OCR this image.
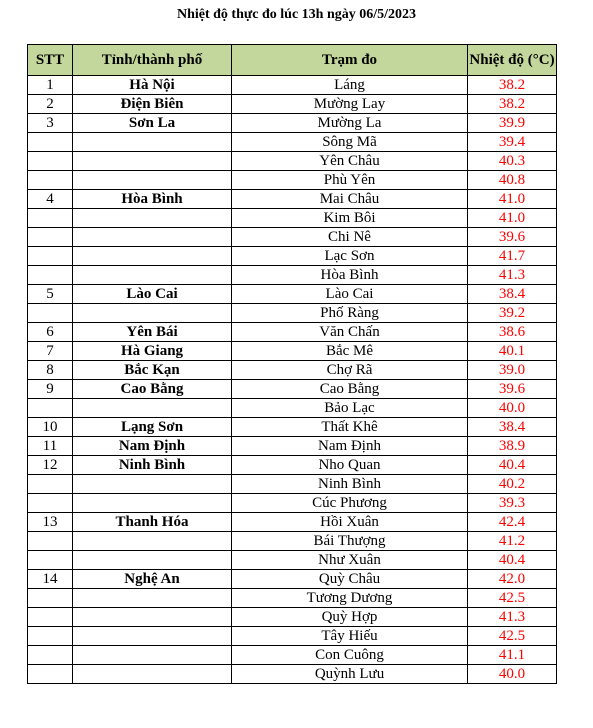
Nhiệt độ thực đo lúc 13h ngày 06/5/2023
STT	Tỉnh/thành phố	Trạm đo	Nhiệt độ (°C)
1	Hà Nội	Láng	38.2
2	Điện Biên	Mường Lay	38.2
3	Sơn La	Mường La	39.9
		Sông Mã	39.4
		Yên Châu	40.3
		Phù Yên	40.8
4	Hòa Bình	Mai Châu	41.0
		Kim Bôi	41.0
		Chi Nê	39.6
		Lạc Sơn	41.7
		Hòa Bình	41.3
5	Lào Cai	Lào Cai	38.4
		Phố Ràng	39.2
6	Yên Bái	Văn Chấn	38.6
7	Hà Giang	Bắc Mê	40.1
8	Bắc Kạn	Chợ Rã	39.0
9	Cao Bằng	Cao Bằng	39.6
		Bảo Lạc	40.0
10	Lạng Sơn	Thất Khê	38.4
11	Nam Định	Nam Định	38.9
12	Ninh Bình	Nho Quan	40.4
		Ninh Bình	40.2
		Cúc Phương	39.3
13	Thanh Hóa	Hồi Xuân	42.4
		Bái Thượng	41.2
		Như Xuân	40.4
14	Nghệ An	Quỳ Châu	42.0
		Tương Dương	42.5
		Quỳ Hợp	41.3
		Tây Hiếu	42.5
		Con Cuông	41.1
		Quỳnh Lưu	40.0
